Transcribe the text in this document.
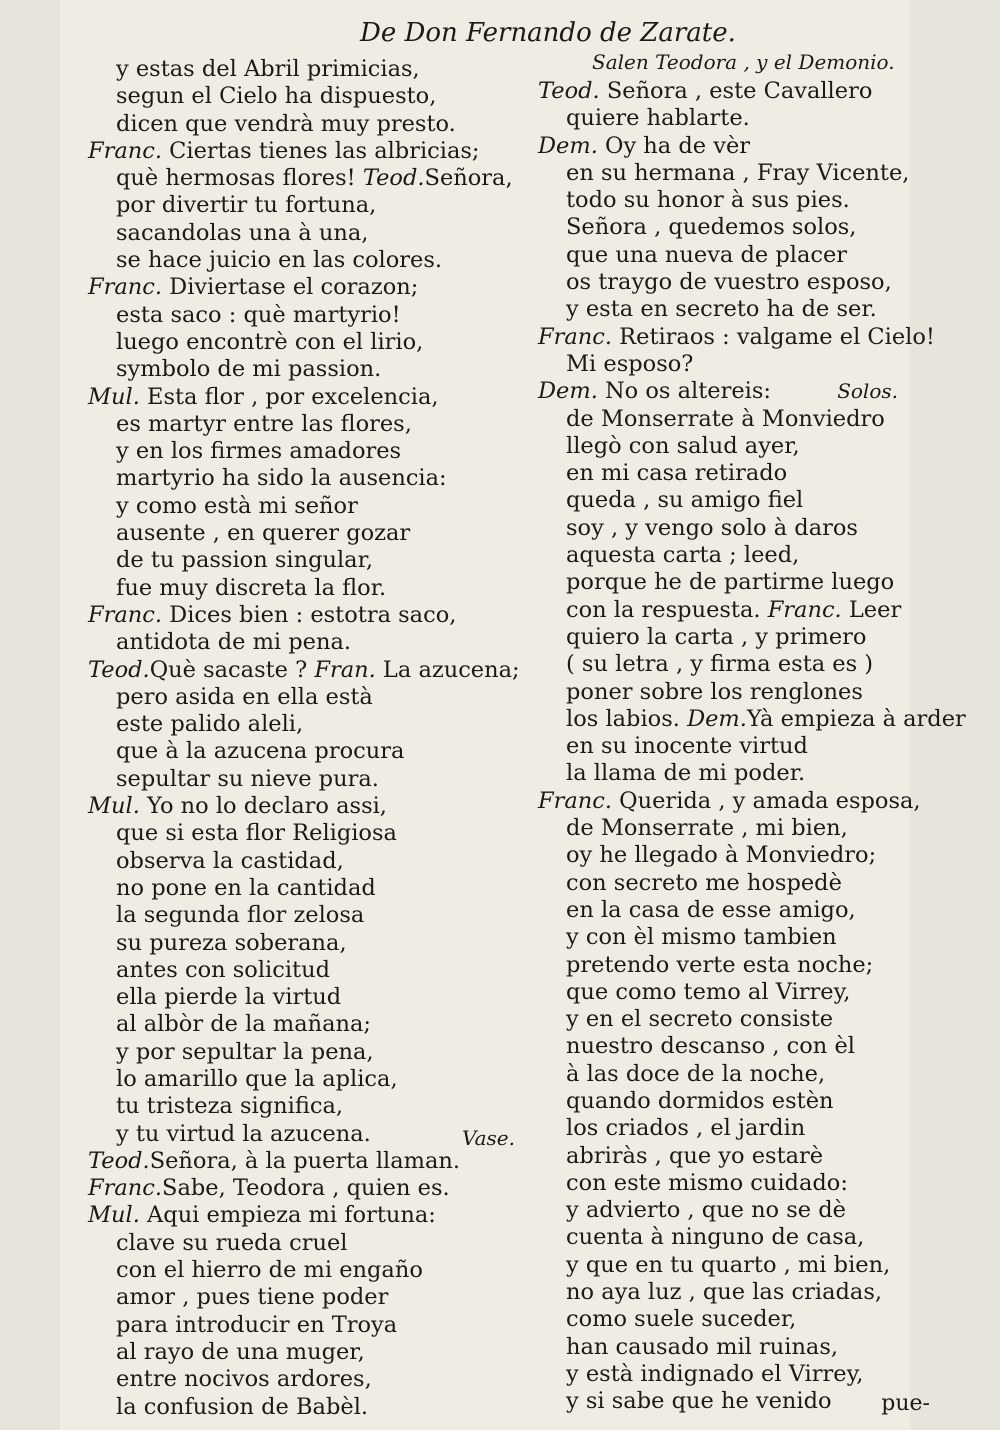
De Don Fernando de Zarate.
y estas del Abril primicias,
segun el Cielo ha dispuesto,
dicen que vendrà muy presto.
Franc. Ciertas tienes las albricias;
què hermosas flores! Teod.Señora,
por divertir tu fortuna,
sacandolas una à una,
se hace juicio en las colores.
Franc. Diviertase el corazon;
esta saco : què martyrio!
luego encontrè con el lirio,
symbolo de mi passion.
Mul. Esta flor , por excelencia,
es martyr entre las flores,
y en los firmes amadores
martyrio ha sido la ausencia:
y como està mi señor
ausente , en querer gozar
de tu passion singular,
fue muy discreta la flor.
Franc. Dices bien : estotra saco,
antidota de mi pena.
Teod.Què sacaste ? Fran. La azucena;
pero asida en ella està
este palido aleli,
que à la azucena procura
sepultar su nieve pura.
Mul. Yo no lo declaro assi,
que si esta flor Religiosa
observa la castidad,
no pone en la cantidad
la segunda flor zelosa
su pureza soberana,
antes con solicitud
ella pierde la virtud
al albòr de la mañana;
y por sepultar la pena,
lo amarillo que la aplica,
tu tristeza significa,
y tu virtud la azucena.
Teod.Señora, à la puerta llaman.
Franc.Sabe, Teodora , quien es.
Mul. Aqui empieza mi fortuna:
clave su rueda cruel
con el hierro de mi engaño
amor , pues tiene poder
para introducir en Troya
al rayo de una muger,
entre nocivos ardores,
la confusion de Babèl.
Teod. Señora , este Cavallero
quiere hablarte.
Dem. Oy ha de vèr
en su hermana , Fray Vicente,
todo su honor à sus pies.
Señora , quedemos solos,
que una nueva de placer
os traygo de vuestro esposo,
y esta en secreto ha de ser.
Franc. Retiraos : valgame el Cielo!
Mi esposo?
Dem. No os altereis:	Solos.
de Monserrate à Monviedro
llegò con salud ayer,
en mi casa retirado
queda , su amigo fiel
soy , y vengo solo à daros
aquesta carta ; leed,
porque he de partirme luego
con la respuesta. Franc. Leer
quiero la carta , y primero
( su letra , y firma esta es )
poner sobre los renglones
los labios. Dem.Yà empieza à arder
en su inocente virtud
la llama de mi poder.
Franc. Querida , y amada esposa,
de Monserrate , mi bien,
oy he llegado à Monviedro;
con secreto me hospedè
en la casa de esse amigo,
y con èl mismo tambien
pretendo verte esta noche;
que como temo al Virrey,
y en el secreto consiste
nuestro descanso , con èl
à las doce de la noche,
quando dormidos estèn
los criados , el jardin
abriràs , que yo estarè
con este mismo cuidado:
y advierto , que no se dè
cuenta à ninguno de casa,
y que en tu quarto , mi bien,
no aya luz , que las criadas,
como suele suceder,
han causado mil ruinas,
y està indignado el Virrey,
y si sabe que he venido
Vase.
Salen Teodora , y el Demonio.
pue-
